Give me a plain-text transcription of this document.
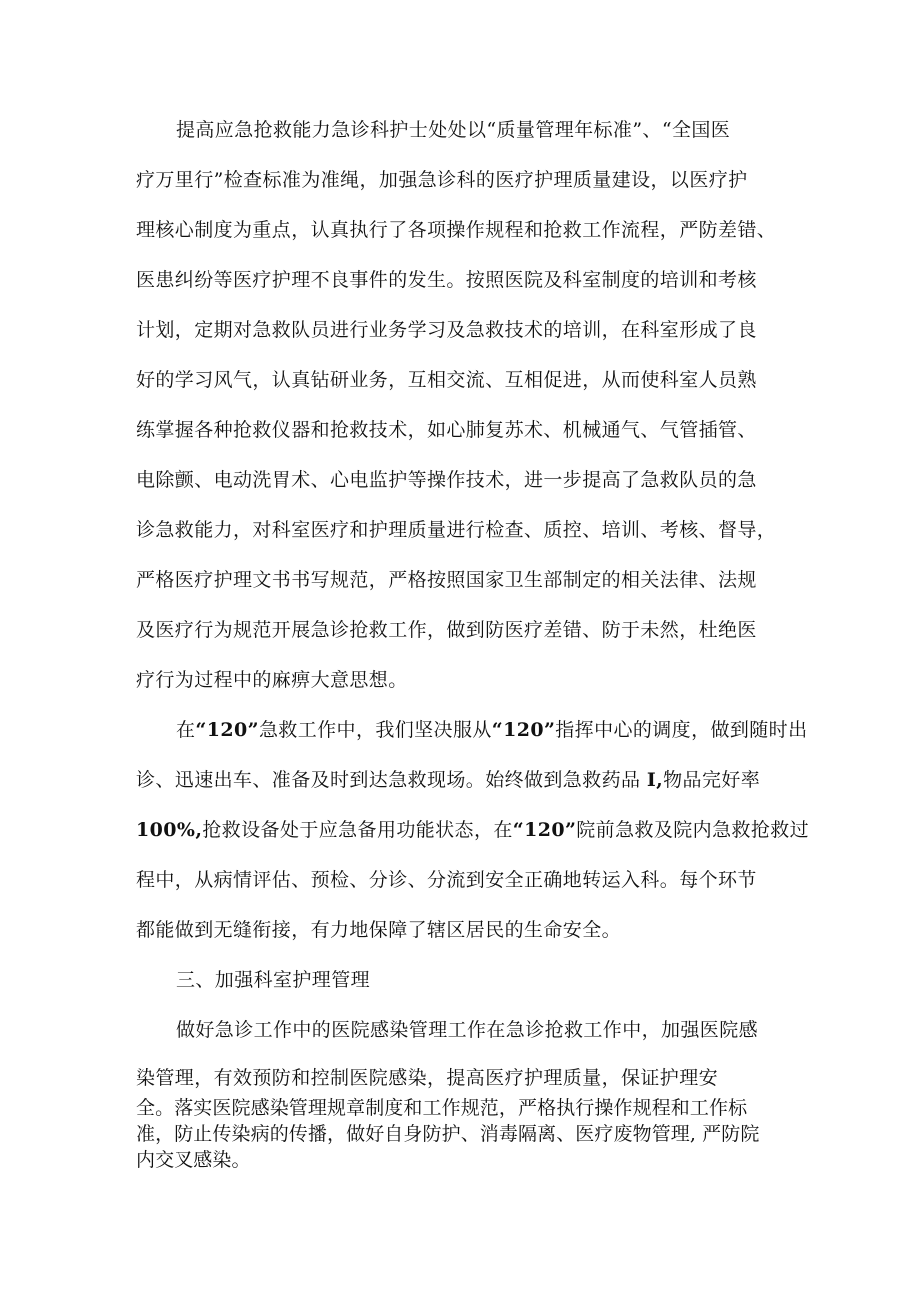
提高应急抢救能力急诊科护士处处以“质量管理年标准”、“全国医
疗万里行”检查标准为准绳，加强急诊科的医疗护理质量建设，以医疗护
理核心制度为重点，认真执行了各项操作规程和抢救工作流程，严防差错、
医患纠纷等医疗护理不良事件的发生。按照医院及科室制度的培训和考核
计划，定期对急救队员进行业务学习及急救技术的培训，在科室形成了良
好的学习风气，认真钻研业务，互相交流、互相促进，从而使科室人员熟
练掌握各种抢救仪器和抢救技术，如心肺复苏术、机械通气、气管插管、
电除颤、电动洗胃术、心电监护等操作技术，进一步提高了急救队员的急
诊急救能力，对科室医疗和护理质量进行检查、质控、培训、考核、督导，
严格医疗护理文书书写规范，严格按照国家卫生部制定的相关法律、法规
及医疗行为规范开展急诊抢救工作，做到防医疗差错、防于未然，杜绝医
疗行为过程中的麻痹大意思想。
在“120”急救工作中，我们坚决服从“120”指挥中心的调度，做到随时出
诊、迅速出车、准备及时到达急救现场。始终做到急救药品 I,物品完好率
100%,抢救设备处于应急备用功能状态，在“120”院前急救及院内急救抢救过
程中，从病情评估、预检、分诊、分流到安全正确地转运入科。每个环节
都能做到无缝衔接，有力地保障了辖区居民的生命安全。
三、加强科室护理管理
做好急诊工作中的医院感染管理工作在急诊抢救工作中，加强医院感
染管理，有效预防和控制医院感染，提高医疗护理质量，保证护理安
全。落实医院感染管理规章制度和工作规范，严格执行操作规程和工作标
准，防止传染病的传播，做好自身防护、消毒隔离、医疗废物管理, 严防院
内交叉感染。
